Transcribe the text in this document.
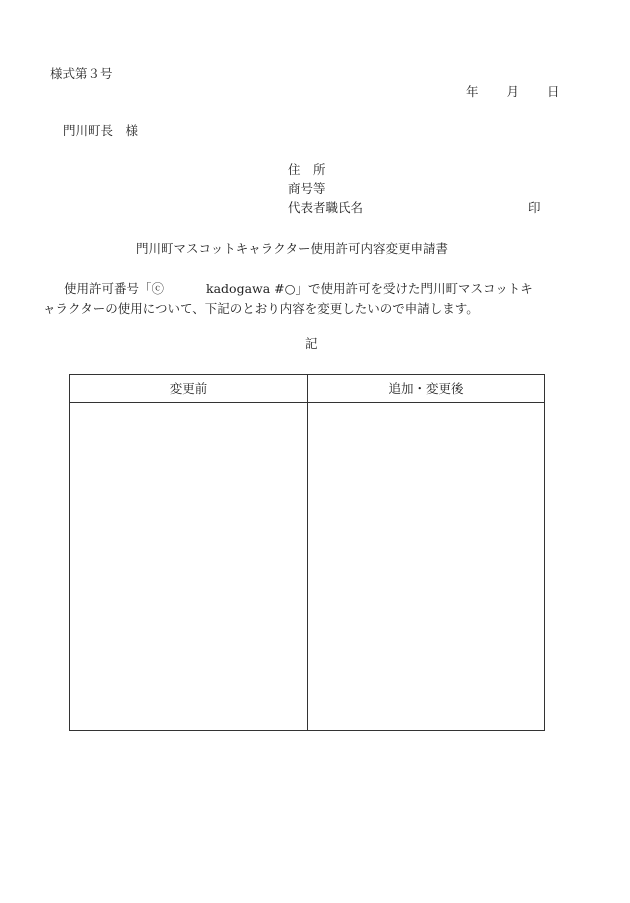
様式第３号
年 月 日
門川町長　様
住　所
商号等
代表者職氏名	印
門川町マスコットキャラクター使用許可内容変更申請書
使用許可番号「ⓒ	kadogawa #○」で使用許可を受けた門川町マスコットキ
ャラクターの使用について、下記のとおり内容を変更したいので申請します。
記
変更前	追加・変更後
